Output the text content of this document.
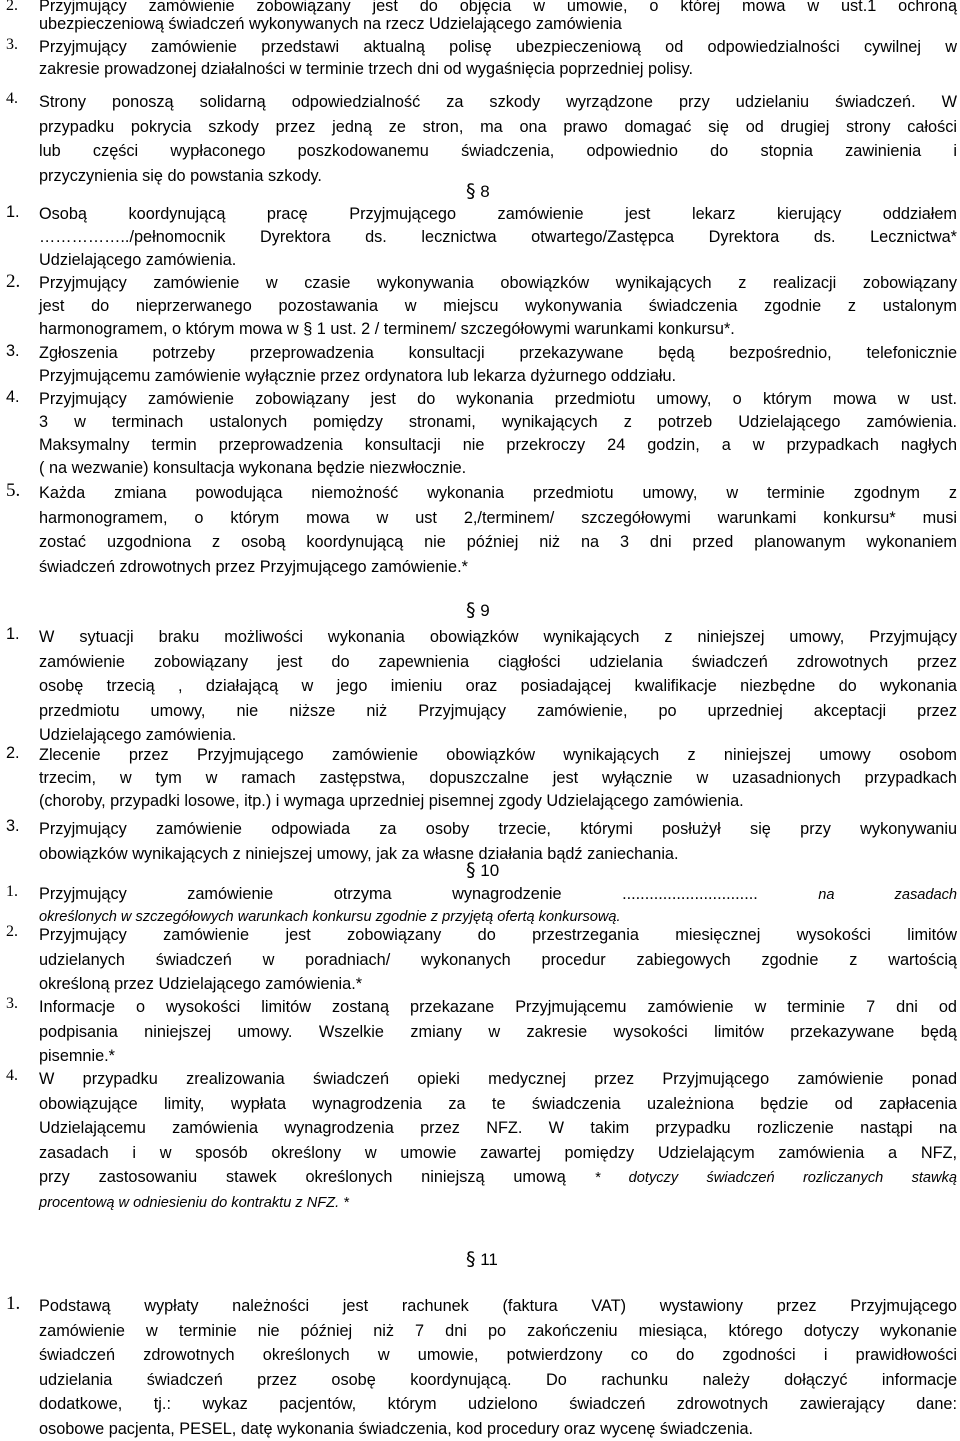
2. Przyjmujący zamówienie zobowiązany jest do objęcia w umowie, o której mowa w ust.1 ochroną
ubezpieczeniową świadczeń wykonywanych na rzecz Udzielającego zamówienia
3. Przyjmujący zamówienie przedstawi aktualną polisę ubezpieczeniową od odpowiedzialności cywilnej w
zakresie prowadzonej działalności w terminie trzech dni od wygaśnięcia poprzedniej polisy.
4. Strony ponoszą solidarną odpowiedzialność za szkody wyrządzone przy udzielaniu świadczeń. W
przypadku pokrycia szkody przez jedną ze stron, ma ona prawo domagać się od drugiej strony całości
lub części wypłaconego poszkodowanemu świadczenia, odpowiednio do stopnia zawinienia i
przyczynienia się do powstania szkody.
§ 8
1. Osobą koordynującą pracę Przyjmującego zamówienie jest lekarz kierujący oddziałem
……………../pełnomocnik Dyrektora ds. lecznictwa otwartego/Zastępca Dyrektora ds. Lecznictwa*
Udzielającego zamówienia.
2. Przyjmujący zamówienie w czasie wykonywania obowiązków wynikających z realizacji zobowiązany
jest do nieprzerwanego pozostawania w miejscu wykonywania świadczenia zgodnie z ustalonym
harmonogramem, o którym mowa w § 1 ust. 2 / terminem/ szczegółowymi warunkami konkursu*.
3. Zgłoszenia potrzeby przeprowadzenia konsultacji przekazywane będą bezpośrednio, telefonicznie
Przyjmującemu zamówienie wyłącznie przez ordynatora lub lekarza dyżurnego oddziału.
4. Przyjmujący zamówienie zobowiązany jest do wykonania przedmiotu umowy, o którym mowa w ust.
3 w terminach ustalonych pomiędzy stronami, wynikających z potrzeb Udzielającego zamówienia.
Maksymalny termin przeprowadzenia konsultacji nie przekroczy 24 godzin, a w przypadkach nagłych
( na wezwanie) konsultacja wykonana będzie niezwłocznie.
5. Każda zmiana powodująca niemożność wykonania przedmiotu umowy, w terminie zgodnym z
harmonogramem, o którym mowa w ust 2,/terminem/ szczegółowymi warunkami konkursu* musi
zostać uzgodniona z osobą koordynującą nie później niż na 3 dni przed planowanym wykonaniem
świadczeń zdrowotnych przez Przyjmującego zamówienie.*
§ 9
1. W sytuacji braku możliwości wykonania obowiązków wynikających z niniejszej umowy, Przyjmujący
zamówienie zobowiązany jest do zapewnienia ciągłości udzielania świadczeń zdrowotnych przez
osobę trzecią , działającą w jego imieniu oraz posiadającej kwalifikacje niezbędne do wykonania
przedmiotu umowy, nie niższe niż Przyjmujący zamówienie, po uprzedniej akceptacji przez
Udzielającego zamówienia.
2. Zlecenie przez Przyjmującego zamówienie obowiązków wynikających z niniejszej umowy osobom
trzecim, w tym w ramach zastępstwa, dopuszczalne jest wyłącznie w uzasadnionych przypadkach
(choroby, przypadki losowe, itp.) i wymaga uprzedniej pisemnej zgody Udzielającego zamówienia.
3. Przyjmujący zamówienie odpowiada za osoby trzecie, którymi posłużył się przy wykonywaniu
obowiązków wynikających z niniejszej umowy, jak za własne działania bądź zaniechania.
§ 10
1. Przyjmujący zamówienie otrzyma wynagrodzenie ..............................	na zasadach
określonych w szczegółowych warunkach konkursu zgodnie z przyjętą ofertą konkursową.
2. Przyjmujący zamówienie jest zobowiązany do przestrzegania miesięcznej wysokości limitów
udzielanych świadczeń w poradniach/ wykonanych procedur zabiegowych zgodnie z wartością
określoną przez Udzielającego zamówienia.*
3. Informacje o wysokości limitów zostaną przekazane Przyjmującemu zamówienie w terminie 7 dni od
podpisania niniejszej umowy. Wszelkie zmiany w zakresie wysokości limitów przekazywane będą
pisemnie.*
4. W przypadku zrealizowania świadczeń opieki medycznej przez Przyjmującego zamówienie ponad
obowiązujące limity, wypłata wynagrodzenia za te świadczenia uzależniona będzie od zapłacenia
Udzielającemu zamówienia wynagrodzenia przez NFZ. W takim przypadku rozliczenie nastąpi na
zasadach i w sposób określony w umowie zawartej pomiędzy Udzielającym zamówienia a NFZ,
przy zastosowaniu stawek określonych niniejszą umową * dotyczy świadczeń rozliczanych stawką
procentową w odniesieniu do kontraktu z NFZ. *
§ 11
1. Podstawą wypłaty należności jest rachunek (faktura VAT) wystawiony przez Przyjmującego
zamówienie w terminie nie później niż 7 dni po zakończeniu miesiąca, którego dotyczy wykonanie
świadczeń zdrowotnych określonych w umowie, potwierdzony co do zgodności i prawidłowości
udzielania świadczeń przez osobę koordynującą. Do rachunku należy dołączyć informacje
dodatkowe, tj.: wykaz pacjentów, którym udzielono świadczeń zdrowotnych zawierający dane:
osobowe pacjenta, PESEL, datę wykonania świadczenia, kod procedury oraz wycenę świadczenia.
